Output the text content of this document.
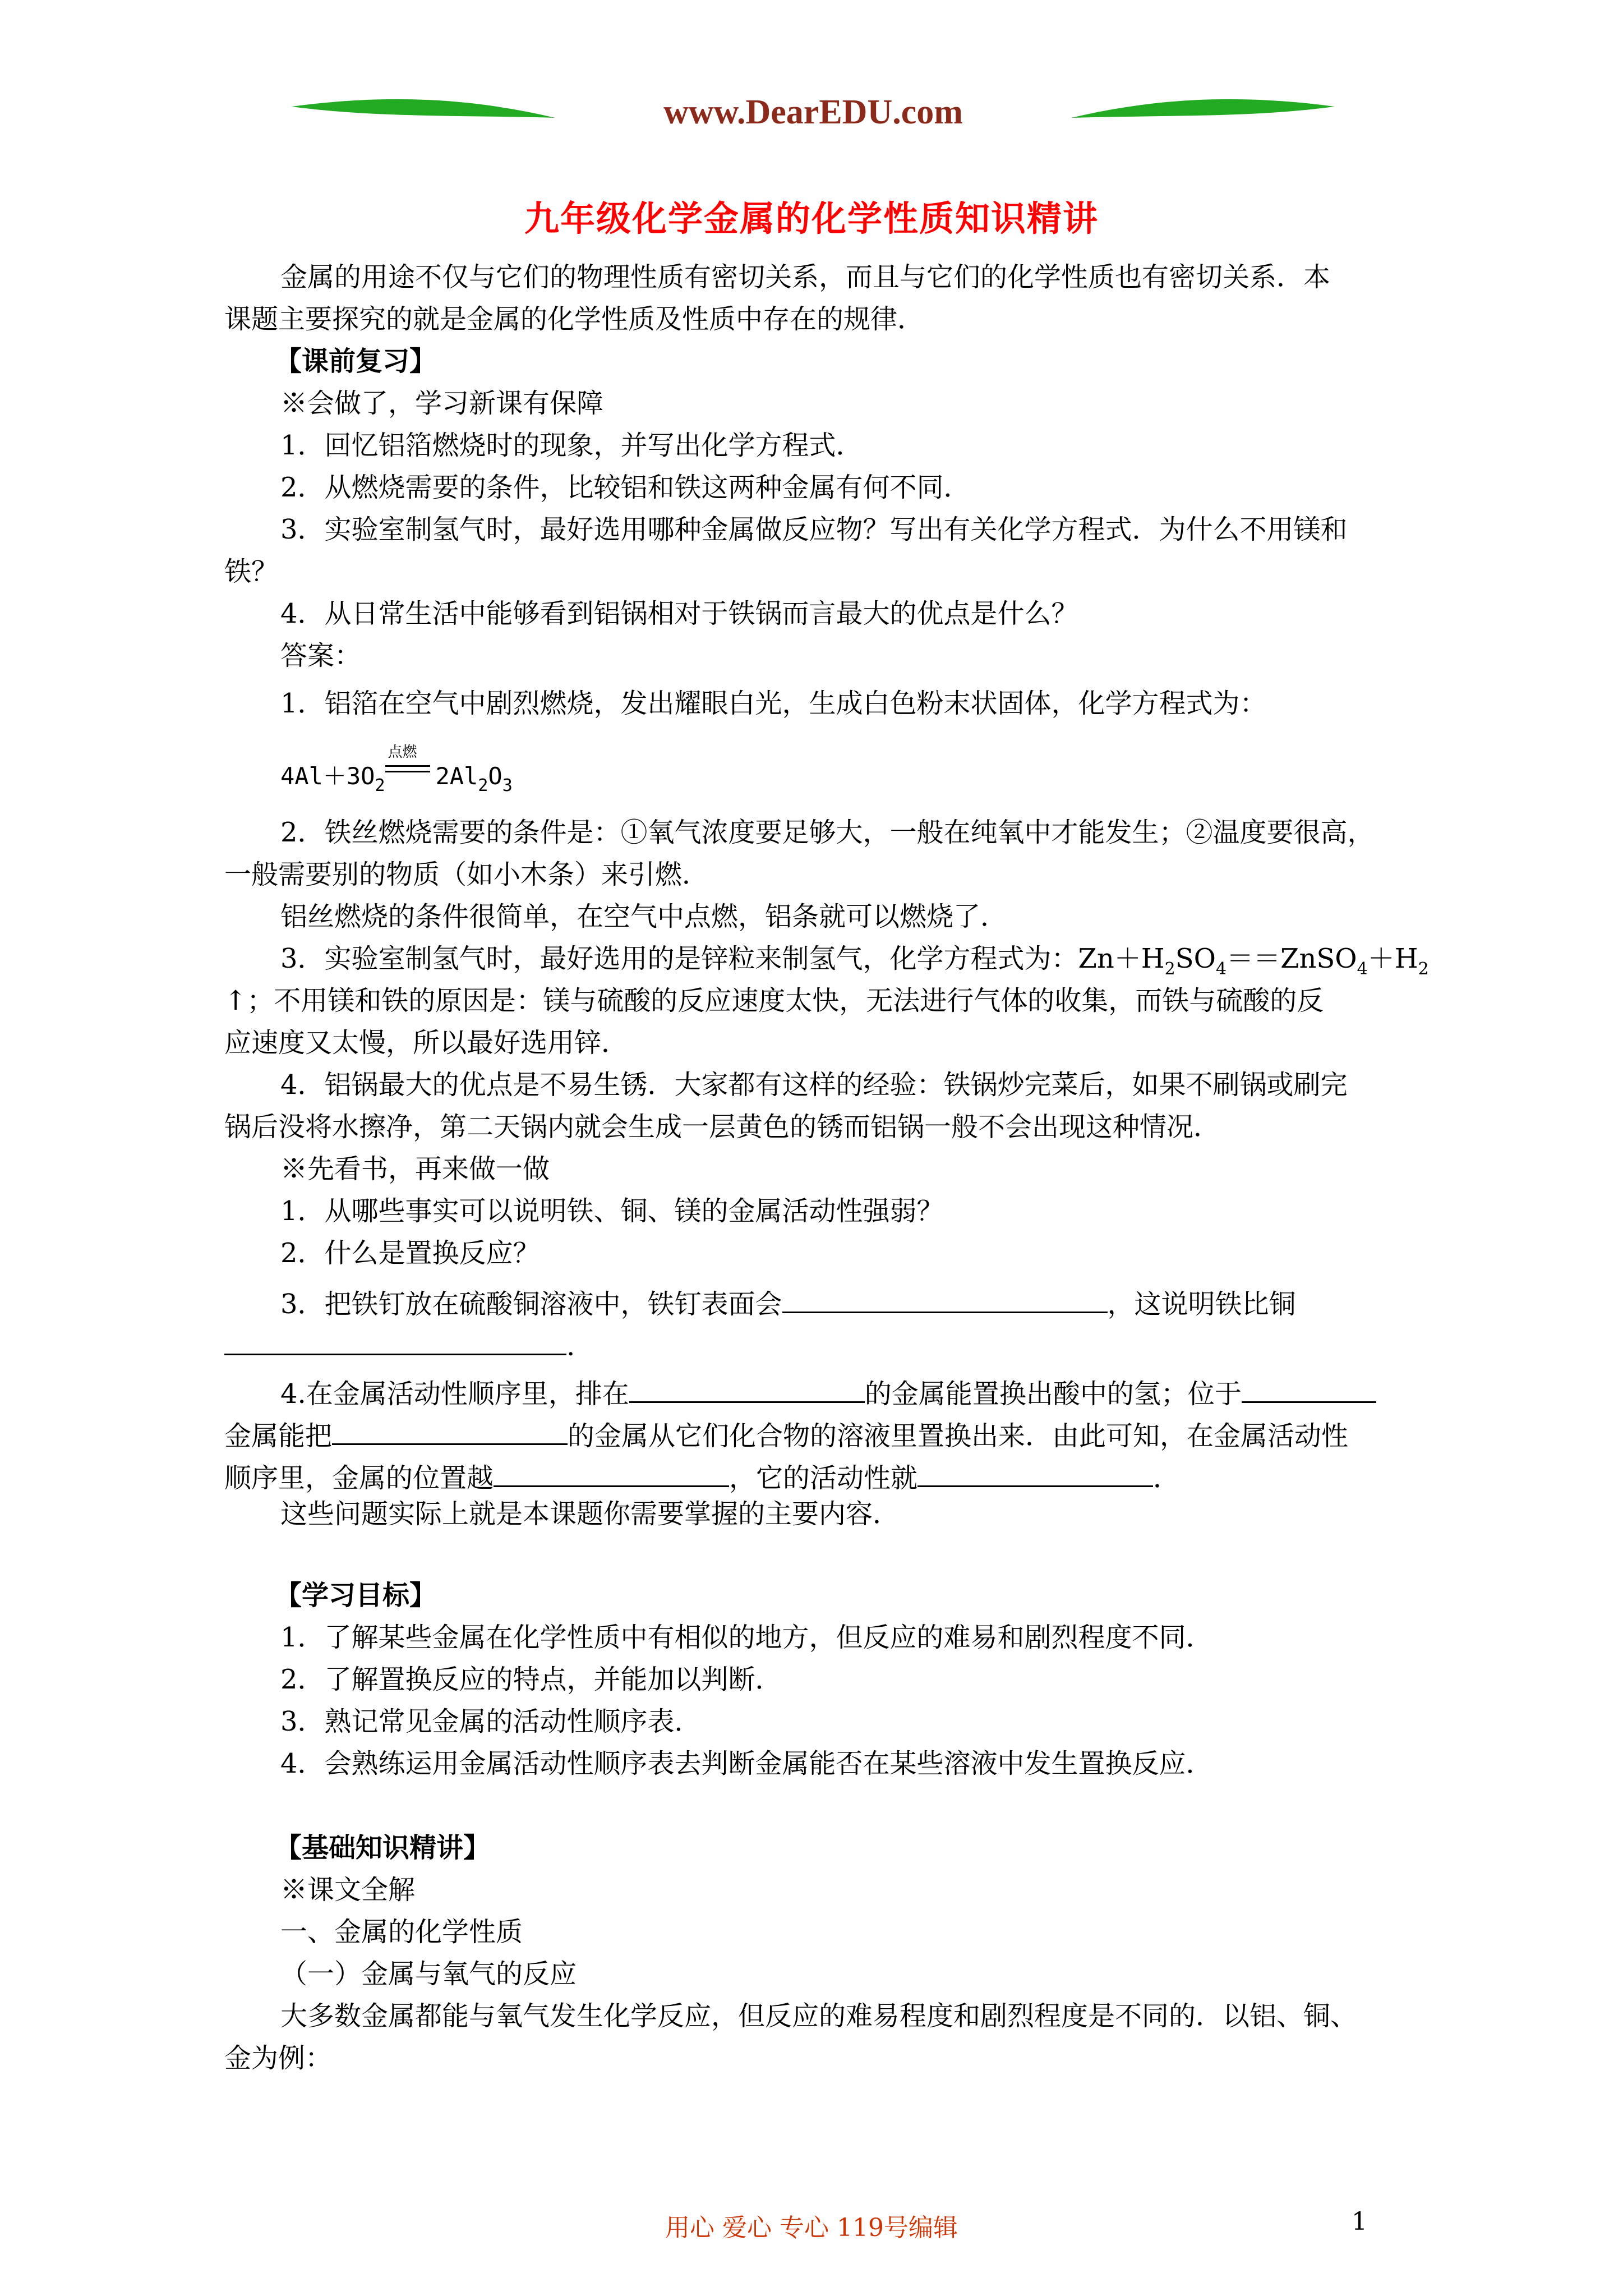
www.DearEDU.com
九年级化学金属的化学性质知识精讲
金属的用途不仅与它们的物理性质有密切关系，而且与它们的化学性质也有密切关系．本
课题主要探究的就是金属的化学性质及性质中存在的规律．
【课前复习】
※会做了，学习新课有保障
1．回忆铝箔燃烧时的现象，并写出化学方程式．
2．从燃烧需要的条件，比较铝和铁这两种金属有何不同．
3．实验室制氢气时，最好选用哪种金属做反应物？写出有关化学方程式．为什么不用镁和
铁？
4．从日常生活中能够看到铝锅相对于铁锅而言最大的优点是什么？
答案：
1．铝箔在空气中剧烈燃烧，发出耀眼白光，生成白色粉末状固体，化学方程式为：
$4Al+3O_2$
点燃
$2Al_2O_3$
2．铁丝燃烧需要的条件是：①氧气浓度要足够大，一般在纯氧中才能发生；②温度要很高，
一般需要别的物质（如小木条）来引燃．
铝丝燃烧的条件很简单，在空气中点燃，铝条就可以燃烧了．
3．实验室制氢气时，最好选用的是锌粒来制氢气，化学方程式为：$Zn+H_2SO_4==ZnSO_4+H_2$
↑；不用镁和铁的原因是：镁与硫酸的反应速度太快，无法进行气体的收集，而铁与硫酸的反
应速度又太慢，所以最好选用锌．
4．铝锅最大的优点是不易生锈．大家都有这样的经验：铁锅炒完菜后，如果不刷锅或刷完
锅后没将水擦净，第二天锅内就会生成一层黄色的锈而铝锅一般不会出现这种情况．
※先看书，再来做一做
1．从哪些事实可以说明铁、铜、镁的金属活动性强弱？
2．什么是置换反应？
3．把铁钉放在硫酸铜溶液中，铁钉表面会	，这说明铁比铜
.
4.在金属活动性顺序里，排在	的金属能置换出酸中的氢；位于
金属能把	的金属从它们化合物的溶液里置换出来．由此可知，在金属活动性
顺序里，金属的位置越	，它的活动性就	．
这些问题实际上就是本课题你需要掌握的主要内容．
【学习目标】
1．了解某些金属在化学性质中有相似的地方，但反应的难易和剧烈程度不同．
2．了解置换反应的特点，并能加以判断．
3．熟记常见金属的活动性顺序表．
4．会熟练运用金属活动性顺序表去判断金属能否在某些溶液中发生置换反应．
【基础知识精讲】
※课文全解
一、金属的化学性质
（一）金属与氧气的反应
大多数金属都能与氧气发生化学反应，但反应的难易程度和剧烈程度是不同的．以铝、铜、
金为例：
用心 爱心 专心 119号编辑	1
